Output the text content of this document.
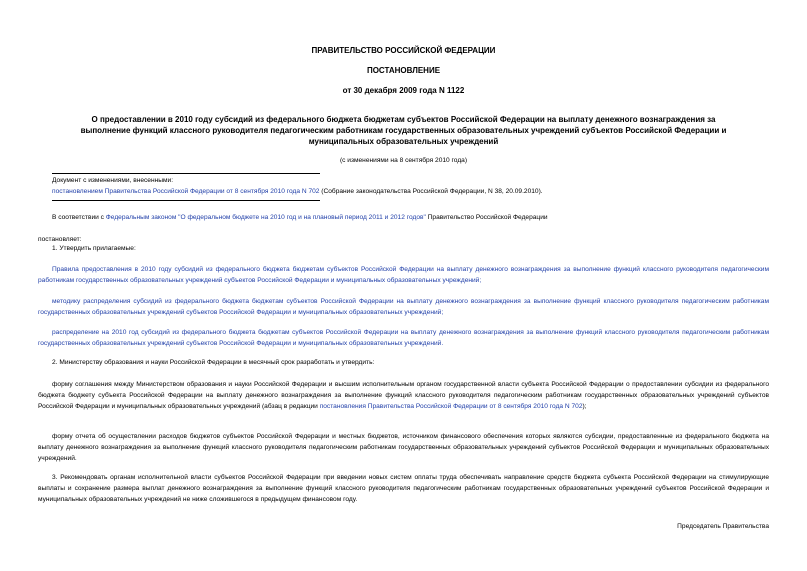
ПРАВИТЕЛЬСТВО РОССИЙСКОЙ ФЕДЕРАЦИИ
ПОСТАНОВЛЕНИЕ
от 30 декабря 2009 года N 1122
О предоставлении в 2010 году субсидий из федерального бюджета бюджетам субъектов Российской Федерации на выплату денежного вознаграждения за
выполнение функций классного руководителя педагогическим работникам государственных образовательных учреждений субъектов Российской Федерации и
муниципальных образовательных учреждений
(с изменениями на 8 сентября 2010 года)
Документ с изменениями, внесенными:
постановлением Правительства Российской Федерации от 8 сентября 2010 года N 702 (Собрание законодательства Российской Федерации, N 38, 20.09.2010).
В соответствии с Федеральным законом "О федеральном бюджете на 2010 год и на плановый период 2011 и 2012 годов" Правительство Российской Федерации
постановляет:
1. Утвердить прилагаемые:
Правила предоставления в 2010 году субсидий из федерального бюджета бюджетам субъектов Российской Федерации на выплату денежного вознаграждения за выполнение функций классного руководителя педагогическим работникам государственных образовательных учреждений субъектов Российской Федерации и муниципальных образовательных учреждений;
методику распределения субсидий из федерального бюджета бюджетам субъектов Российской Федерации на выплату денежного вознаграждения за выполнение функций классного руководителя педагогическим работникам государственных образовательных учреждений субъектов Российской Федерации и муниципальных образовательных учреждений;
распределение на 2010 год субсидий из федерального бюджета бюджетам субъектов Российской Федерации на выплату денежного вознаграждения за выполнение функций классного руководителя педагогическим работникам государственных образовательных учреждений субъектов Российской Федерации и муниципальных образовательных учреждений.
2. Министерству образования и науки Российской Федерации в месячный срок разработать и утвердить:
форму соглашения между Министерством образования и науки Российской Федерации и высшим исполнительным органом государственной власти субъекта Российской Федерации о предоставлении субсидии из федерального бюджета бюджету субъекта Российской Федерации на выплату денежного вознаграждения за выполнение функций классного руководителя педагогическим работникам государственных образовательных учреждений субъектов Российской Федерации и муниципальных образовательных учреждений (абзац в редакции постановления Правительства Российской Федерации от 8 сентября 2010 года N 702);
форму отчета об осуществлении расходов бюджетов субъектов Российской Федерации и местных бюджетов, источником финансового обеспечения которых являются субсидии, предоставленные из федерального бюджета на выплату денежного вознаграждения за выполнение функций классного руководителя педагогическим работникам государственных образовательных учреждений субъектов Российской Федерации и муниципальных образовательных учреждений.
3. Рекомендовать органам исполнительной власти субъектов Российской Федерации при введении новых систем оплаты труда обеспечивать направление средств бюджета субъекта Российской Федерации на стимулирующие выплаты и сохранение размера выплат денежного вознаграждения за выполнение функций классного руководителя педагогическим работникам государственных образовательных учреждений субъектов Российской Федерации и муниципальных образовательных учреждений не ниже сложившегося в предыдущем финансовом году.
Председатель Правительства
